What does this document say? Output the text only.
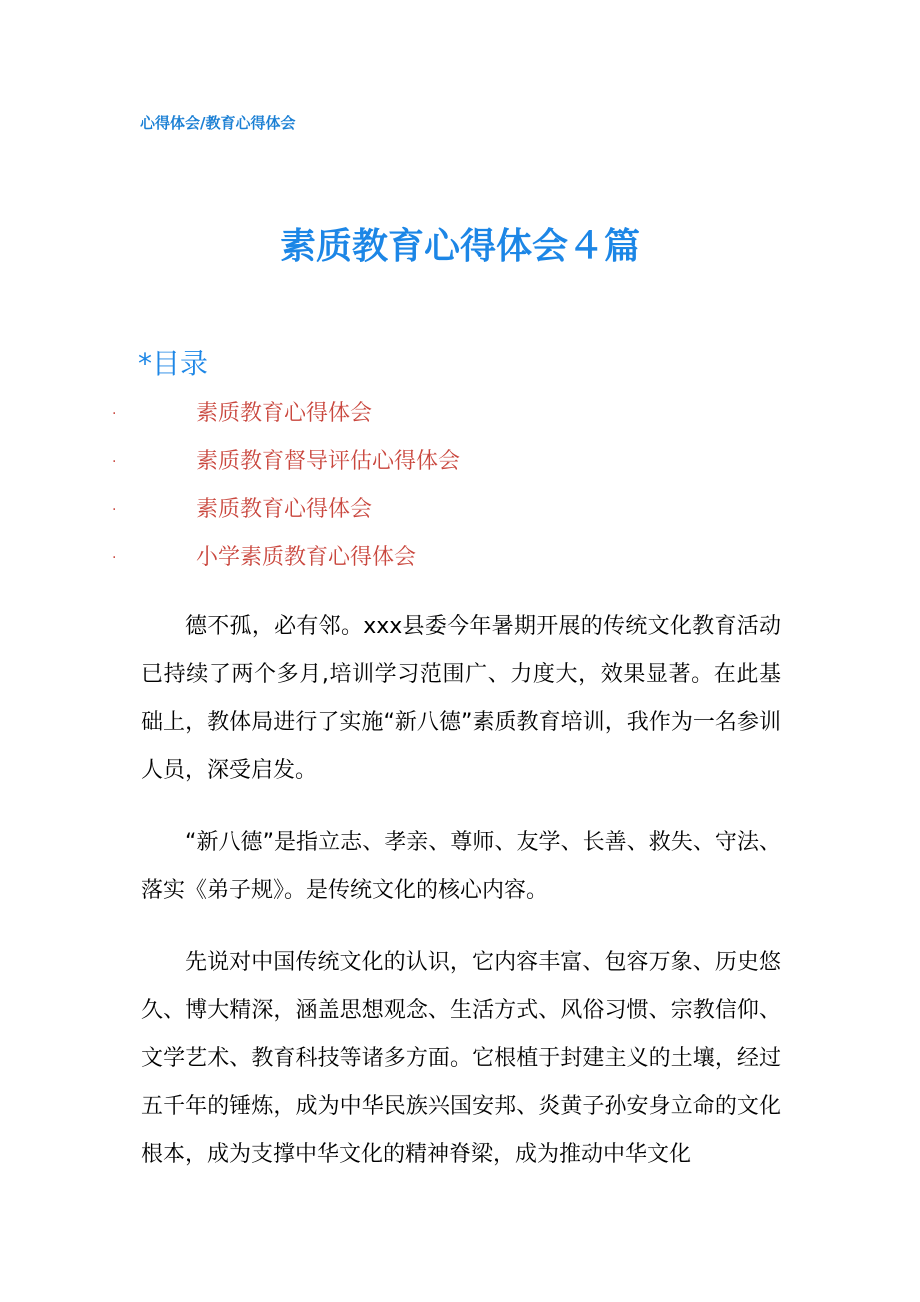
心得体会/教育心得体会
素质教育心得体会４篇
*目录
.	素质教育心得体会
.	素质教育督导评估心得体会
.	素质教育心得体会
.	小学素质教育心得体会

德不孤，必有邻。xxx县委今年暑期开展的传统文化教育活动已持续了两个多月,培训学习范围广、力度大，效果显著。在此基础上，教体局进行了实施“新八德”素质教育培训，我作为一名参训人员，深受启发。

“新八德”是指立志、孝亲、尊师、友学、长善、救失、守法、落实《弟子规》。是传统文化的核心内容。

先说对中国传统文化的认识，它内容丰富、包容万象、历史悠久、博大精深，涵盖思想观念、生活方式、风俗习惯、宗教信仰、文学艺术、教育科技等诸多方面。它根植于封建主义的土壤，经过五千年的锤炼，成为中华民族兴国安邦、炎黄子孙安身立命的文化根本，成为支撑中华文化的精神脊梁，成为推动中华文化
